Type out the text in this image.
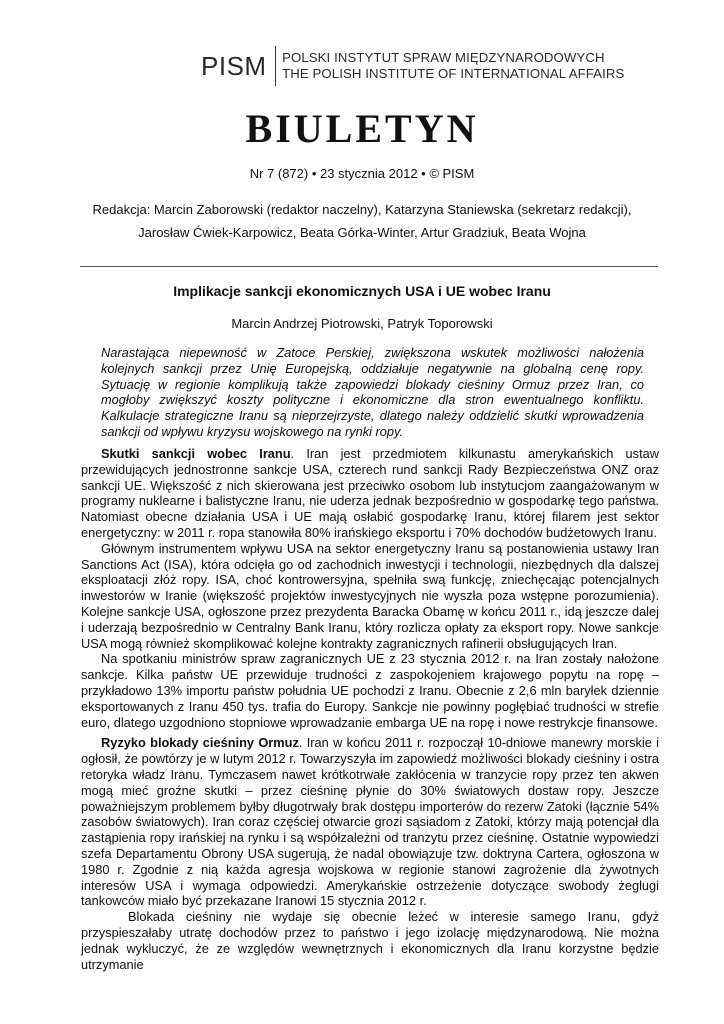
PISM	POLSKI INSTYTUT SPRAW MIĘDZYNARODOWYCH
THE POLISH INSTITUTE OF INTERNATIONAL AFFAIRS
BIULETYN
Nr 7 (872) • 23 stycznia 2012 • © PISM
Redakcja: Marcin Zaborowski (redaktor naczelny), Katarzyna Staniewska (sekretarz redakcji),
Jarosław Ćwiek-Karpowicz, Beata Górka-Winter, Artur Gradziuk, Beata Wojna
Implikacje sankcji ekonomicznych USA i UE wobec Iranu
Marcin Andrzej Piotrowski, Patryk Toporowski
Narastająca niepewność w Zatoce Perskiej, zwiększona wskutek możliwości nałożenia kolejnych sankcji przez Unię Europejską, oddziałuje negatywnie na globalną cenę ropy. Sytuację w regionie komplikują także zapowiedzi blokady cieśniny Ormuz przez Iran, co mogłoby zwiększyć koszty polityczne i ekonomiczne dla stron ewentualnego konfliktu. Kalkulacje strategiczne Iranu są nieprzejrzyste, dlatego należy oddzielić skutki wprowadzenia sankcji od wpływu kryzysu wojskowego na rynki ropy.

Skutki sankcji wobec Iranu. Iran jest przedmiotem kilkunastu amerykańskich ustaw przewidujących jednostronne sankcje USA, czterech rund sankcji Rady Bezpieczeństwa ONZ oraz sankcji UE. Większość z nich skierowana jest przeciwko osobom lub instytucjom zaangażowanym w programy nuklearne i balistyczne Iranu, nie uderza jednak bezpośrednio w gospodarkę tego państwa. Natomiast obecne działania USA i UE mają osłabić gospodarkę Iranu, której filarem jest sektor energetyczny: w 2011 r. ropa stanowiła 80% irańskiego eksportu i 70% dochodów budżetowych Iranu.

Głównym instrumentem wpływu USA na sektor energetyczny Iranu są postanowienia ustawy Iran Sanctions Act (ISA), która odcięła go od zachodnich inwestycji i technologii, niezbędnych dla dalszej eksploatacji złóż ropy. ISA, choć kontrowersyjna, spełniła swą funkcję, zniechęcając potencjalnych inwestorów w Iranie (większość projektów inwestycyjnych nie wyszła poza wstępne porozumienia). Kolejne sankcje USA, ogłoszone przez prezydenta Baracka Obamę w końcu 2011 r., idą jeszcze dalej i uderzają bezpośrednio w Centralny Bank Iranu, który rozlicza opłaty za eksport ropy. Nowe sankcje USA mogą również skomplikować kolejne kontrakty zagranicznych rafinerii obsługujących Iran.

Na spotkaniu ministrów spraw zagranicznych UE z 23 stycznia 2012 r. na Iran zostały nałożone sankcje. Kilka państw UE przewiduje trudności z zaspokojeniem krajowego popytu na ropę – przykładowo 13% importu państw południa UE pochodzi z Iranu. Obecnie z 2,6 mln baryłek dziennie eksportowanych z Iranu 450 tys. trafia do Europy. Sankcje nie powinny pogłębiać trudności w strefie euro, dlatego uzgodniono stopniowe wprowadzanie embarga UE na ropę i nowe restrykcje finansowe.

Ryzyko blokady cieśniny Ormuz. Iran w końcu 2011 r. rozpoczął 10-dniowe manewry morskie i ogłosił, że powtórzy je w lutym 2012 r. Towarzyszyła im zapowiedź możliwości blokady cieśniny i ostra retoryka władz Iranu. Tymczasem nawet krótkotrwałe zakłócenia w tranzycie ropy przez ten akwen mogą mieć groźne skutki – przez cieśninę płynie do 30% światowych dostaw ropy. Jeszcze poważniejszym problemem byłby długotrwały brak dostępu importerów do rezerw Zatoki (łącznie 54% zasobów światowych). Iran coraz częściej otwarcie grozi sąsiadom z Zatoki, którzy mają potencjał dla zastąpienia ropy irańskiej na rynku i są współzależni od tranzytu przez cieśninę. Ostatnie wypowiedzi szefa Departamentu Obrony USA sugerują, że nadal obowiązuje tzw. doktryna Cartera, ogłoszona w 1980 r. Zgodnie z nią każda agresja wojskowa w regionie stanowi zagrożenie dla żywotnych interesów USA i wymaga odpowiedzi. Amerykańskie ostrzeżenie dotyczące swobody żeglugi tankowców miało być przekazane Iranowi 15 stycznia 2012 r.

Blokada cieśniny nie wydaje się obecnie leżeć w interesie samego Iranu, gdyż przyspieszałaby utratę dochodów przez to państwo i jego izolację międzynarodową. Nie można jednak wykluczyć, że ze względów wewnętrznych i ekonomicznych dla Iranu korzystne będzie utrzymanie
